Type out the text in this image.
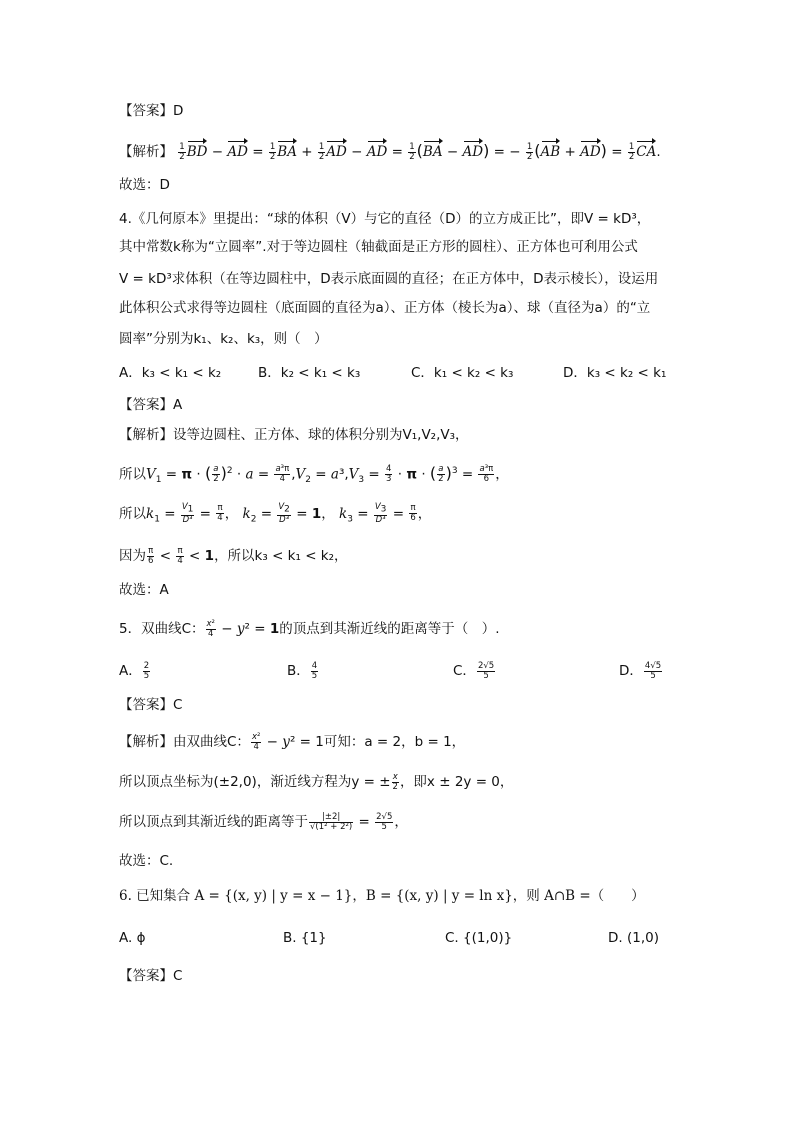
【答案】D
【解析】 $\frac{1}{2}$ BD − AD = $\frac{1}{2}$ BA + $\frac{1}{2}$ AD − AD = $\frac{1}{2} (BA - AD)$ = − $\frac{1}{2} (AB + AD) = \frac{1}{2}$ CA.
故选：D
4.《几何原本》里提出：“球的体积（V）与它的直径（D）的立方成正比”，即V = kD³，
其中常数k称为“立圆率”.对于等边圆柱（轴截面是正方形的圆柱）、正方体也可利用公式
V = kD³求体积（在等边圆柱中，D表示底面圆的直径；在正方体中，D表示棱长），设运用
此体积公式求得等边圆柱（底面圆的直径为a）、正方体（棱长为a）、球（直径为a）的“立
圆率”分别为k₁、k₂、k₃，则（　）
A．k₃ < k₁ < k₂	B．k₂ < k₁ < k₃	C．k₁ < k₂ < k₃	D．k₃ < k₂ < k₁
【答案】A
【解析】设等边圆柱、正方体、球的体积分别为V₁,V₂,V₃，
所以$V_1 = \pi$ · ( $\frac{a}{2} )^2 \cdot a = \frac{\text{a³π}}{4} ,V_2 = a^3,V_3 = \frac{4}{3} \cdot \pi$ · ( $\frac{a}{2} )^3 = \frac{\text{a³π}}{6}$ ，
所以$k_1 = \frac{V_1}{\text{D³}} = \frac{\pi}{4}$ ， $k_2 = \frac{V_2}{\text{D³}} = 1$， $k_3 = \frac{V_3}{\text{D³}} = \frac{\pi}{6}$ ，
因为 $\frac{\pi}{6} < \frac{\pi}{4} < 1$，所以k₃ < k₁ < k₂，
故选：A
5．双曲线C： $\frac{\text{x²}}{4} - y^2 = 1$的顶点到其渐近线的距离等于（　）.
A． $\frac{2}{5}$	B． $\frac{4}{5}$	C． $\frac{2√5}{5}$	D． $\frac{4√5}{5}$
【答案】C
【解析】由双曲线C： $\frac{\text{x²}}{4} - y^2 = 1$可知：a = 2，b = 1，
所以顶点坐标为(±2,0)，渐近线方程为y = ± $\frac{x}{2}$ ，即x ± 2y = 0，
所以顶点到其渐近线的距离等于 $\frac{|\pm 2|}{\text{√(1² + 2²)}} = \frac{2√5}{5}$ ，
故选：C.
6. 已知集合 A = {(x, y) | y = x − 1}，B = {(x, y) | y = ln x}，则 A∩B =（　　）
A. ϕ	B. {1}	C. {(1,0)}	D. (1,0)
【答案】C
